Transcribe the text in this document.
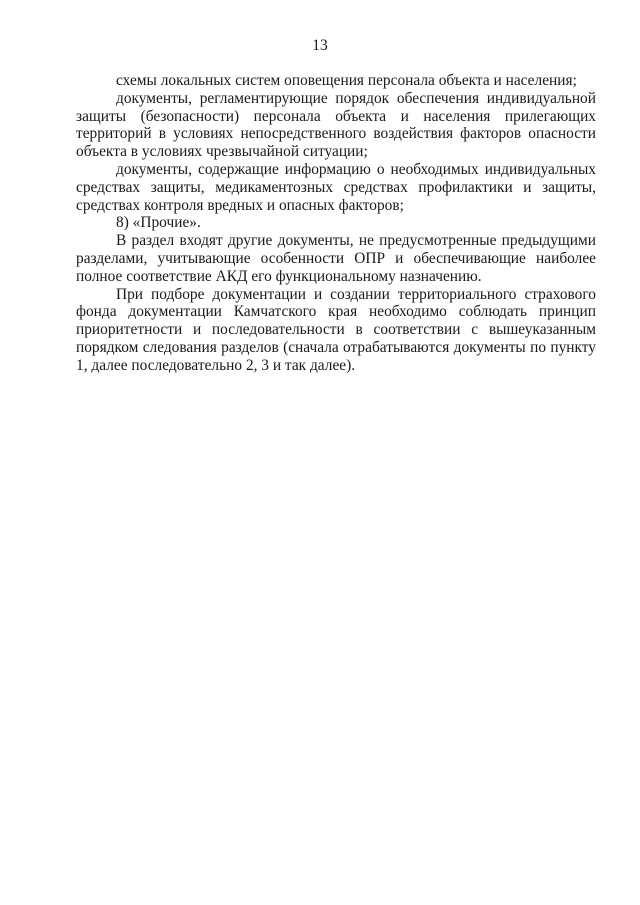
13

схемы локальных систем оповещения персонала объекта и населения;

документы, регламентирующие порядок обеспечения индивидуальной защиты (безопасности) персонала объекта и населения прилегающих территорий в условиях непосредственного воздействия факторов опасности объекта в условиях чрезвычайной ситуации;

документы, содержащие информацию о необходимых индивидуальных средствах защиты, медикаментозных средствах профилактики и защиты, средствах контроля вредных и опасных факторов;

8) «Прочие».

В раздел входят другие документы, не предусмотренные предыдущими разделами, учитывающие особенности ОПР и обеспечивающие наиболее полное соответствие АКД его функциональному назначению.

При подборе документации и создании территориального страхового фонда документации Камчатского края необходимо соблюдать принцип приоритетности и последовательности в соответствии с вышеуказанным порядком следования разделов (сначала отрабатываются документы по пункту 1, далее последовательно 2, 3 и так далее).
